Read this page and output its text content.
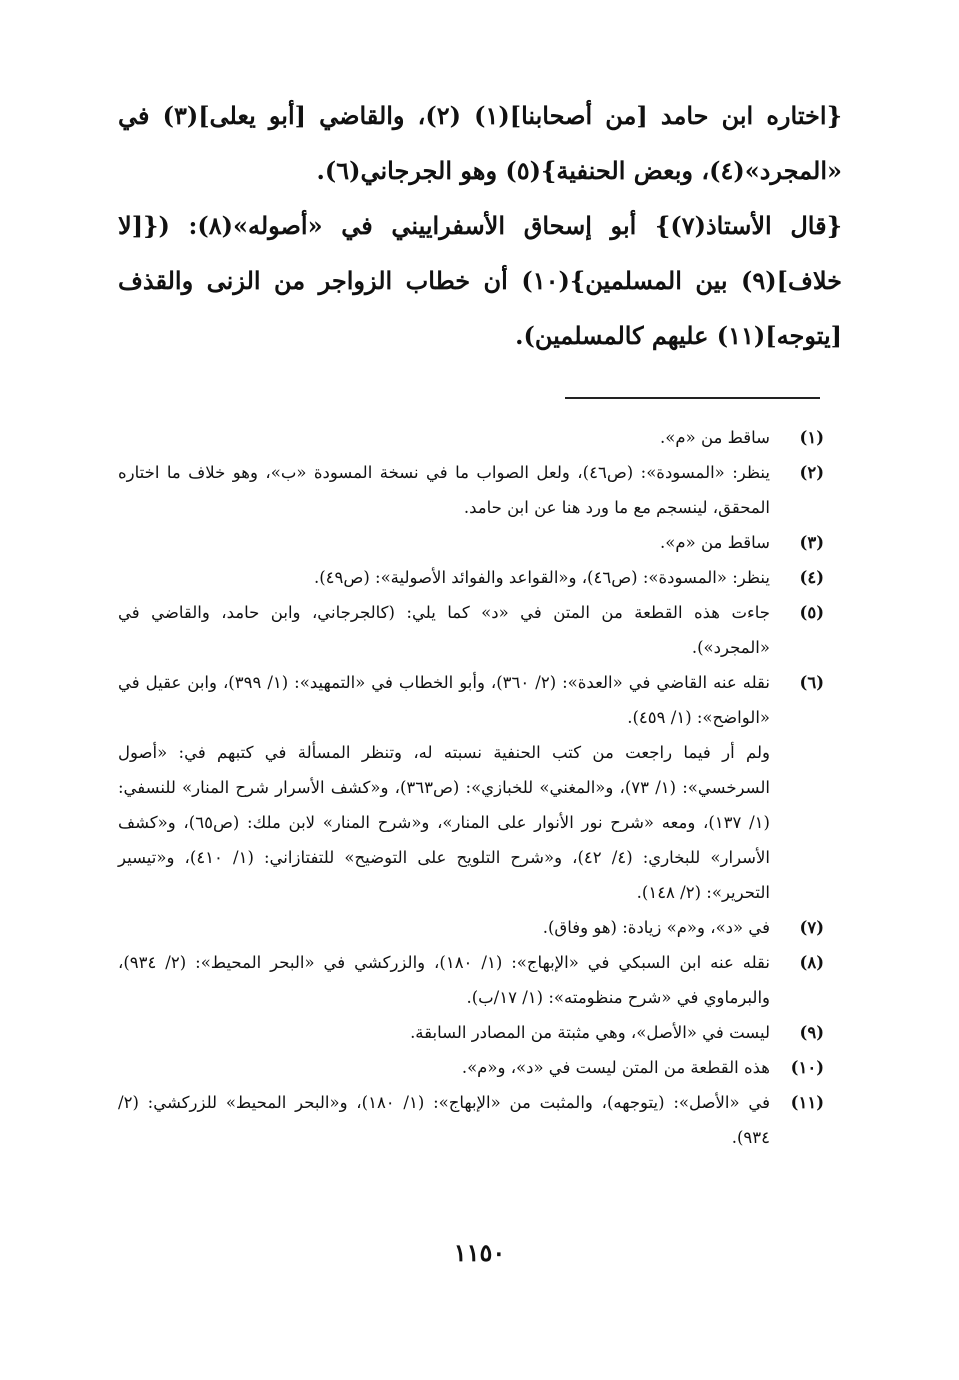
{اختاره ابن حامد [من أصحابنا](١) (٢)، والقاضي [أبو يعلى](٣) في «المجرد»(٤)، وبعض الحنفية}(٥) وهو الجرجاني(٦).

{قال الأستاذ(٧)} أبو إسحاق الأسفراييني في «أصوله»(٨): ({[لا خلاف](٩) بين المسلمين}(١٠) أن خطاب الزواجر من الزنى والقذف [يتوجه](١١) عليهم كالمسلمين).

(١)
ساقط من «م».
(٢)
ينظر: «المسودة»: (ص٤٦)، ولعل الصواب ما في نسخة المسودة «ب»، وهو خلاف ما اختاره المحقق، لينسجم مع ما ورد هنا عن ابن حامد.
(٣)
ساقط من «م».
(٤)
ينظر: «المسودة»: (ص٤٦)، و«القواعد والفوائد الأصولية»: (ص٤٩).
(٥)
جاءت هذه القطعة من المتن في «د» كما يلي: (كالجرجاني، وابن حامد، والقاضي في «المجرد»).
(٦)
نقله عنه القاضي في «العدة»: (٢/ ٣٦٠)، وأبو الخطاب في «التمهيد»: (١/ ٣٩٩)، وابن عقيل في «الواضح»: (١/ ٤٥٩).
ولم أر فيما راجعت من كتب الحنفية نسبته له، وتنظر المسألة في كتبهم في: «أصول السرخسي»: (١/ ٧٣)، و«المغني» للخبازي»: (ص٣٦٣)، و«كشف الأسرار شرح المنار» للنسفي: (١/ ١٣٧)، ومعه «شرح نور الأنوار على المنار»، و«شرح المنار» لابن ملك: (ص٦٥)، و«كشف الأسرار» للبخاري: (٤/ ٤٢)، و«شرح التلويح على التوضيح» للتفتازاني: (١/ ٤١٠)، و«تيسير التحرير»: (٢/ ١٤٨).
(٧)
في «د»، و«م» زيادة: (هو وفاق).
(٨)
نقله عنه ابن السبكي في «الإبهاج»: (١/ ١٨٠)، والزركشي في «البحر المحيط»: (٢/ ٩٣٤)، والبرماوي في «شرح منظومته»: (١/ ١٧/ب).
(٩)
ليست في «الأصل»، وهي مثبتة من المصادر السابقة.
(١٠)
هذه القطعة من المتن ليست في «د»، و«م».
(١١)
في «الأصل»: (يتوجهه)، والمثبت من «الإبهاج»: (١/ ١٨٠)، و«البحر المحيط» للزركشي: (٢/ ٩٣٤).
١١٥٠
